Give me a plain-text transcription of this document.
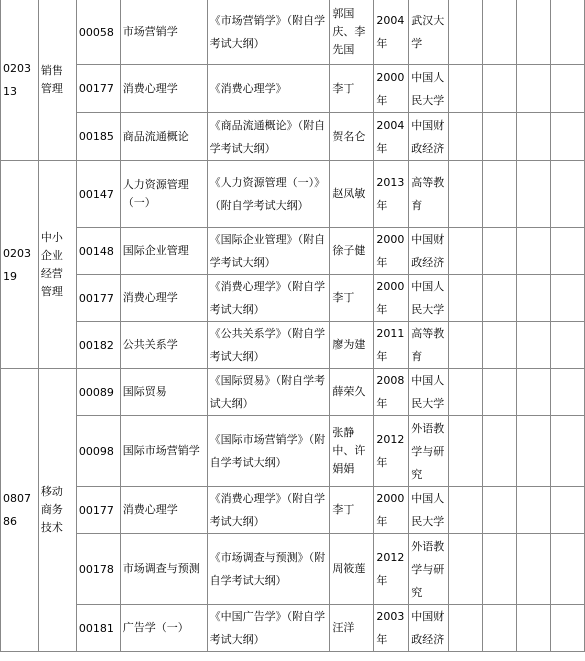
020313	销售管理	00058	市场营销学	《市场营销学》（附自学考试大纲）	郭国庆、李先国	2004年	武汉大学				
		00177	消费心理学	《消费心理学》	李丁	2000年	中国人民大学				
		00185	商品流通概论	《商品流通概论》（附自学考试大纲）	贺名仑	2004年	中国财政经济				
020319	中小企业经营管理	00147	人力资源管理（一）	《人力资源管理（一）》（附自学考试大纲）	赵凤敏	2013年	高等教育				
		00148	国际企业管理	《国际企业管理》（附自学考试大纲）	徐子健	2000年	中国财政经济				
		00177	消费心理学	《消费心理学》（附自学考试大纲）	李丁	2000年	中国人民大学				
		00182	公共关系学	《公共关系学》（附自学考试大纲）	廖为建	2011年	高等教育				
080786	移动商务技术	00089	国际贸易	《国际贸易》（附自学考试大纲）	薛荣久	2008年	中国人民大学				
		00098	国际市场营销学	《国际市场营销学》（附自学考试大纲）	张静中、许娟娟	2012年	外语教学与研究				
		00177	消费心理学	《消费心理学》（附自学考试大纲）	李丁	2000年	中国人民大学				
		00178	市场调查与预测	《市场调查与预测》（附自学考试大纲）	周筱莲	2012年	外语教学与研究				
		00181	广告学（一）	《中国广告学》（附自学考试大纲）	汪洋	2003年	中国财政经济				
